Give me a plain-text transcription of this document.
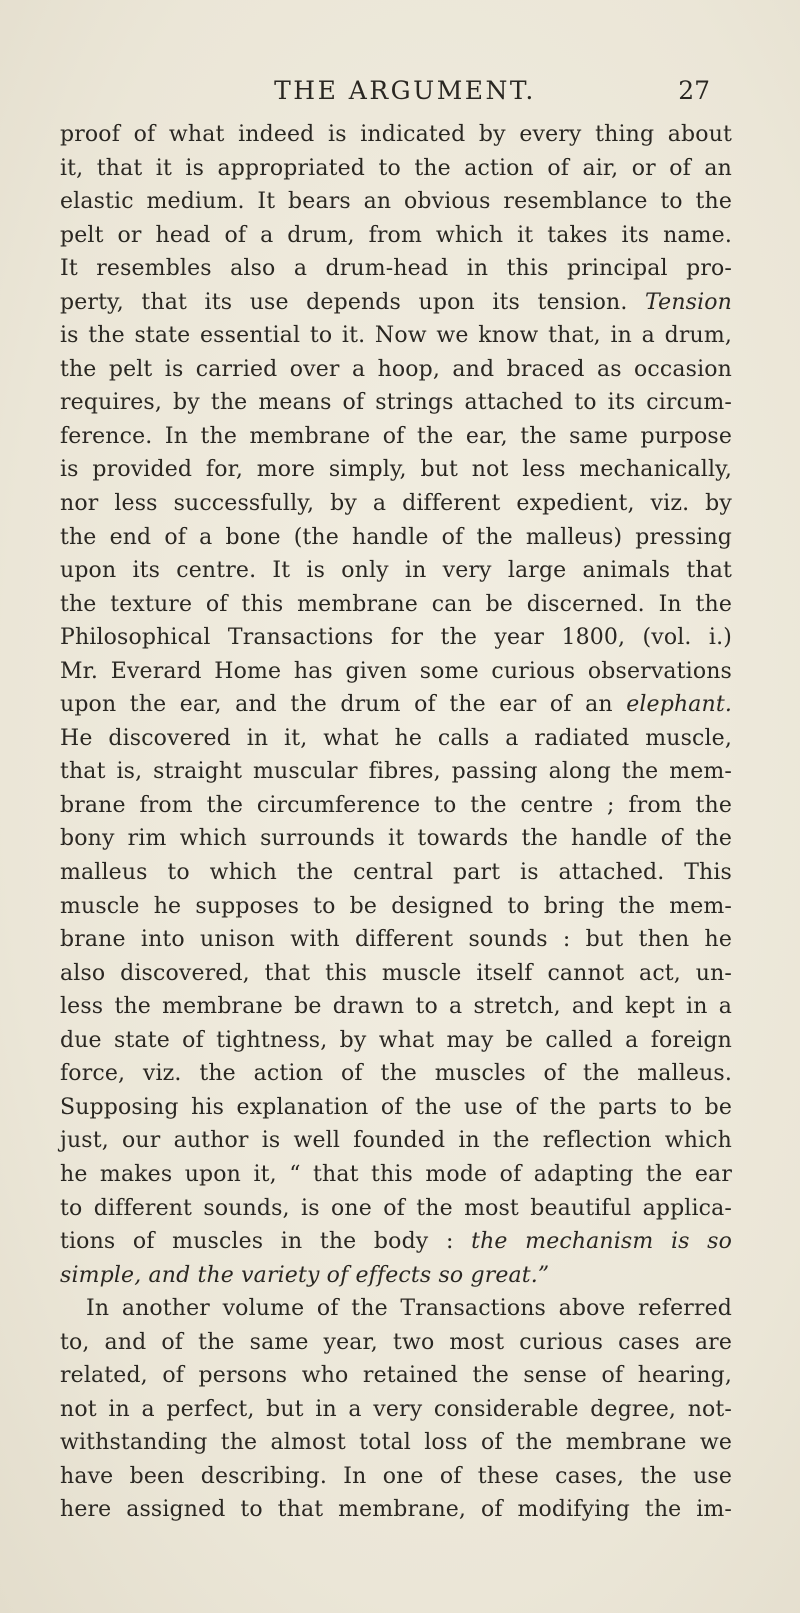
THE ARGUMENT.	27
proof of what indeed is indicated by every thing about
it, that it is appropriated to the action of air, or of an
elastic medium. It bears an obvious resemblance to the
pelt or head of a drum, from which it takes its name.
It resembles also a drum-head in this principal pro-
perty, that its use depends upon its tension. Tension
is the state essential to it. Now we know that, in a drum,
the pelt is carried over a hoop, and braced as occasion
requires, by the means of strings attached to its circum-
ference. In the membrane of the ear, the same purpose
is provided for, more simply, but not less mechanically,
nor less successfully, by a different expedient, viz. by
the end of a bone (the handle of the malleus) pressing
upon its centre. It is only in very large animals that
the texture of this membrane can be discerned. In the
Philosophical Transactions for the year 1800, (vol. i.)
Mr. Everard Home has given some curious observations
upon the ear, and the drum of the ear of an elephant.
He discovered in it, what he calls a radiated muscle,
that is, straight muscular fibres, passing along the mem-
brane from the circumference to the centre ; from the
bony rim which surrounds it towards the handle of the
malleus to which the central part is attached. This
muscle he supposes to be designed to bring the mem-
brane into unison with different sounds : but then he
also discovered, that this muscle itself cannot act, un-
less the membrane be drawn to a stretch, and kept in a
due state of tightness, by what may be called a foreign
force, viz. the action of the muscles of the malleus.
Supposing his explanation of the use of the parts to be
just, our author is well founded in the reflection which
he makes upon it, “ that this mode of adapting the ear
to different sounds, is one of the most beautiful applica-
tions of muscles in the body : the mechanism is so
simple, and the variety of effects so great.”
In another volume of the Transactions above referred
to, and of the same year, two most curious cases are
related, of persons who retained the sense of hearing,
not in a perfect, but in a very considerable degree, not-
withstanding the almost total loss of the membrane we
have been describing. In one of these cases, the use
here assigned to that membrane, of modifying the im-
